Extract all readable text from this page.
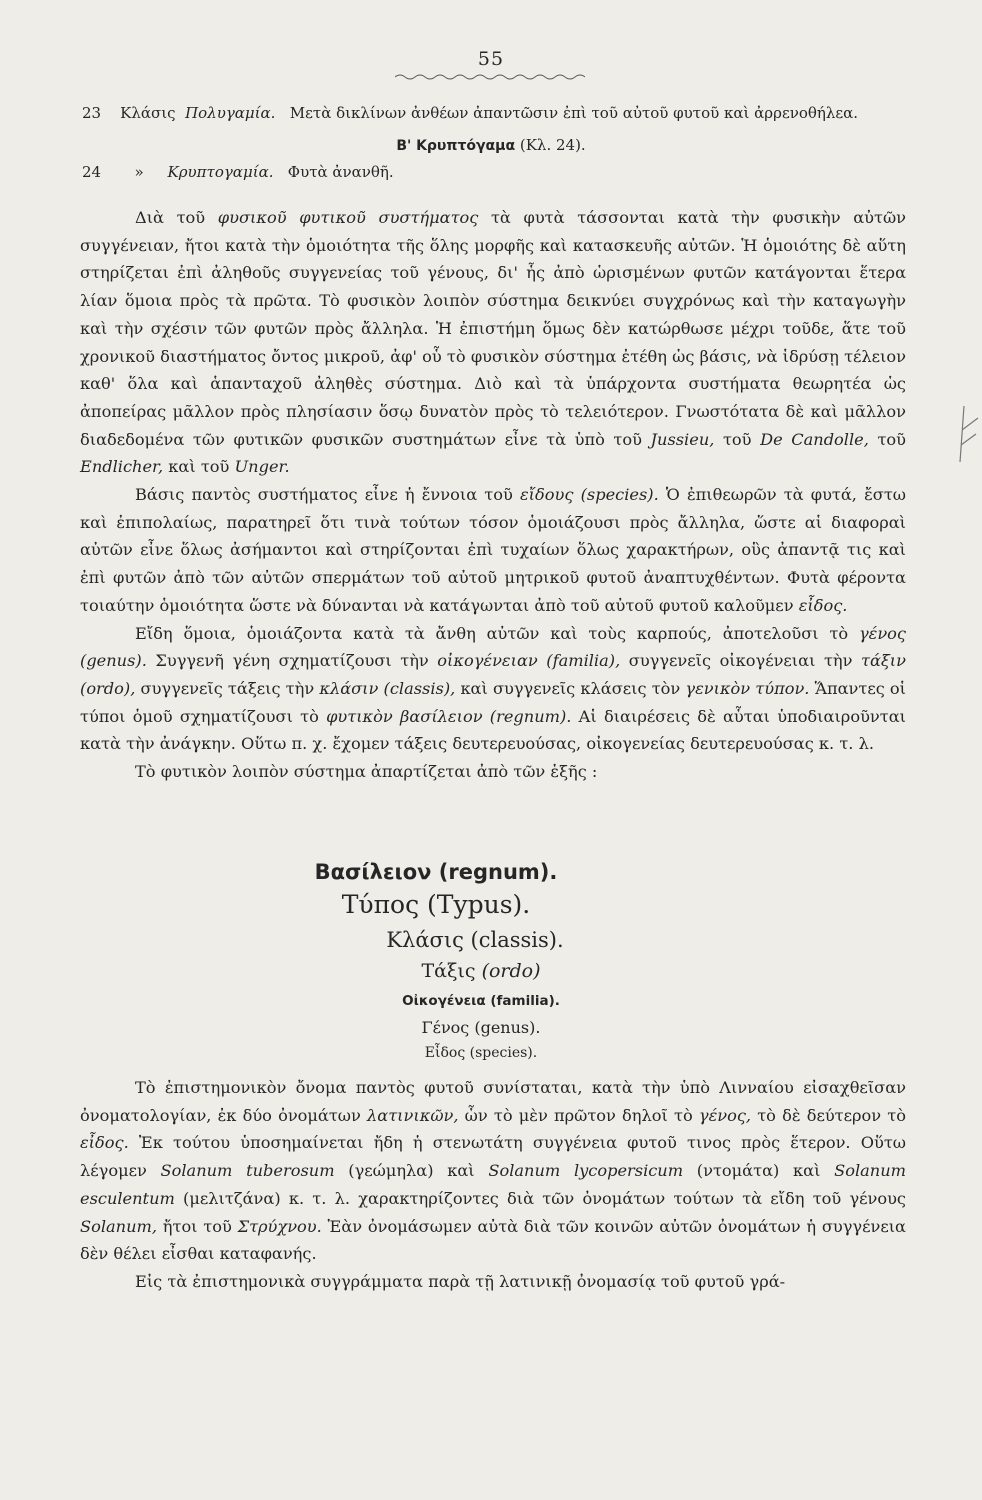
55
23 Κλάσις Πολυγαμία. Μετὰ δικλίνων ἀνθέων ἀπαντῶσιν ἐπὶ τοῦ αὐτοῦ φυτοῦ καὶ ἀρρενοθήλεα.
Β' Κρυπτόγαμα (Κλ. 24).
24 » Κρυπτογαμία. Φυτὰ ἀνανθῆ.

Διὰ τοῦ φυσικοῦ φυτικοῦ συστήματος τὰ φυτὰ τάσσονται κατὰ τὴν φυσικὴν αὐτῶν συγγένειαν, ἤτοι κατὰ τὴν ὁμοιότητα τῆς ὅλης μορφῆς καὶ κατασκευῆς αὐτῶν. Ἡ ὁμοιότης δὲ αὕτη στηρίζεται ἐπὶ ἀληθοῦς συγγενείας τοῦ γένους, δι' ἧς ἀπὸ ὡρισμένων φυτῶν κατάγονται ἕτερα λίαν ὅμοια πρὸς τὰ πρῶτα. Τὸ φυσικὸν λοιπὸν σύστημα δεικνύει συγχρόνως καὶ τὴν καταγωγὴν καὶ τὴν σχέσιν τῶν φυτῶν πρὸς ἄλληλα. Ἡ ἐπιστήμη ὅμως δὲν κατώρθωσε μέχρι τοῦδε, ἅτε τοῦ χρονικοῦ διαστήματος ὄντος μικροῦ, ἀφ' οὗ τὸ φυσικὸν σύστημα ἐτέθη ὡς βάσις, νὰ ἱδρύσῃ τέλειον καθ' ὅλα καὶ ἁπανταχοῦ ἀληθὲς σύστημα. Διὸ καὶ τὰ ὑπάρχοντα συστήματα θεωρητέα ὡς ἀποπείρας μᾶλλον πρὸς πλησίασιν ὅσῳ δυνατὸν πρὸς τὸ τελειότερον. Γνωστότατα δὲ καὶ μᾶλλον διαδεδομένα τῶν φυτικῶν φυσικῶν συστημάτων εἶνε τὰ ὑπὸ τοῦ Jussieu, τοῦ De Candolle, τοῦ Endlicher, καὶ τοῦ Unger.

Βάσις παντὸς συστήματος εἶνε ἡ ἔννοια τοῦ εἴδους (species). Ὁ ἐπιθεωρῶν τὰ φυτά, ἔστω καὶ ἐπιπολαίως, παρατηρεῖ ὅτι τινὰ τούτων τόσον ὁμοιάζουσι πρὸς ἄλληλα, ὥστε αἱ διαφοραὶ αὐτῶν εἶνε ὅλως ἀσήμαντοι καὶ στηρίζονται ἐπὶ τυχαίων ὅλως χαρακτήρων, οὓς ἀπαντᾷ τις καὶ ἐπὶ φυτῶν ἀπὸ τῶν αὐτῶν σπερμάτων τοῦ αὐτοῦ μητρικοῦ φυτοῦ ἀναπτυχθέντων. Φυτὰ φέροντα τοιαύτην ὁμοιότητα ὥστε νὰ δύνανται νὰ κατάγωνται ἀπὸ τοῦ αὐτοῦ φυτοῦ καλοῦμεν εἶδος.

Εἴδη ὅμοια, ὁμοιάζοντα κατὰ τὰ ἄνθη αὐτῶν καὶ τοὺς καρπούς, ἀποτελοῦσι τὸ γένος (genus). Συγγενῆ γένη σχηματίζουσι τὴν οἰκογένειαν (familia), συγγενεῖς οἰκογένειαι τὴν τάξιν (ordo), συγγενεῖς τάξεις τὴν κλάσιν (classis), καὶ συγγενεῖς κλάσεις τὸν γενικὸν τύπον. Ἅπαντες οἱ τύποι ὁμοῦ σχηματίζουσι τὸ φυτικὸν βασίλειον (regnum). Αἱ διαιρέσεις δὲ αὗται ὑποδιαιροῦνται κατὰ τὴν ἀνάγκην. Οὕτω π. χ. ἔχομεν τάξεις δευτερευούσας, οἰκογενείας δευτερευούσας κ. τ. λ.

Τὸ φυτικὸν λοιπὸν σύστημα ἀπαρτίζεται ἀπὸ τῶν ἑξῆς :

Βασίλειον (regnum).
Τύπος (Typus).
Κλάσις (classis).
Τάξις (ordo)
Οἰκογένεια (familia).
Γένος (genus).
Εἶδος (species).

Τὸ ἐπιστημονικὸν ὄνομα παντὸς φυτοῦ συνίσταται, κατὰ τὴν ὑπὸ Λινναίου εἰσαχθεῖσαν ὀνοματολογίαν, ἐκ δύο ὀνομάτων λατινικῶν, ὧν τὸ μὲν πρῶτον δηλοῖ τὸ γένος, τὸ δὲ δεύτερον τὸ εἶδος. Ἐκ τούτου ὑποσημαίνεται ἤδη ἡ στενωτάτη συγγένεια φυτοῦ τινος πρὸς ἕτερον. Οὕτω λέγομεν Solanum tuberosum (γεώμηλα) καὶ Solanum lycopersicum (ντομάτα) καὶ Solanum esculentum (μελιτζάνα) κ. τ. λ. χαρακτηρίζοντες διὰ τῶν ὀνομάτων τούτων τὰ εἴδη τοῦ γένους Solanum, ἤτοι τοῦ Στρύχνου. Ἐὰν ὀνομάσωμεν αὐτὰ διὰ τῶν κοινῶν αὐτῶν ὀνομάτων ἡ συγγένεια δὲν θέλει εἶσθαι καταφανής.

Εἰς τὰ ἐπιστημονικὰ συγγράμματα παρὰ τῇ λατινικῇ ὀνομασίᾳ τοῦ φυτοῦ γρά-
